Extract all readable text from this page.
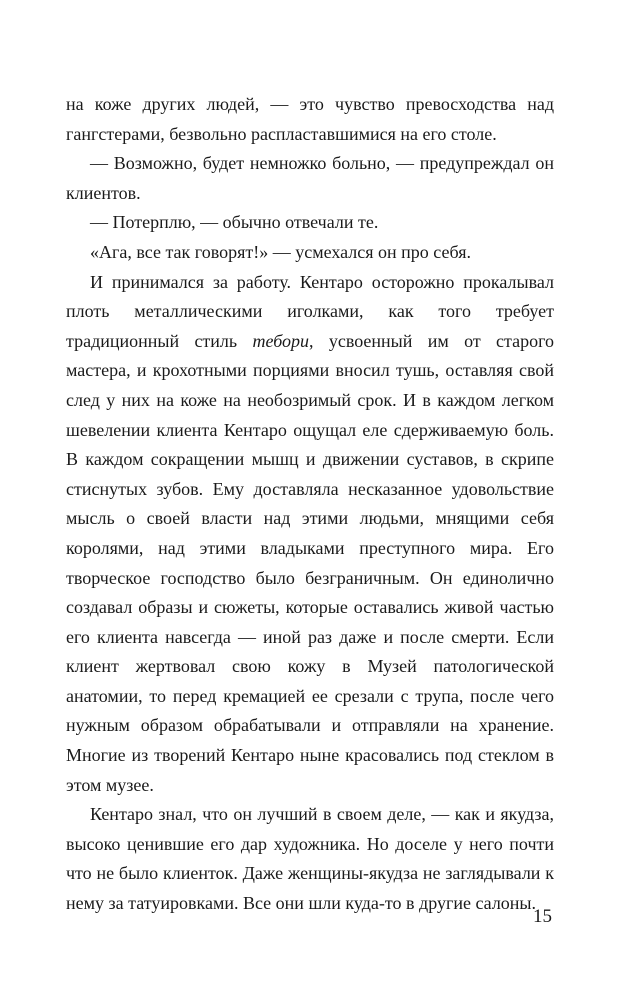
на коже других людей, — это чувство превосходства над гангстерами, безвольно распластавшимися на его столе.

— Возможно, будет немножко больно, — предупреждал он клиентов.

— Потерплю, — обычно отвечали те.

«Ага, все так говорят!» — усмехался он про себя.

И принимался за работу. Кентаро осторожно прокалывал плоть металлическими иголками, как того требует традиционный стиль тебори, усвоенный им от старого мастера, и крохотными порциями вносил тушь, оставляя свой след у них на коже на необозримый срок. И в каждом легком шевелении клиента Кентаро ощущал еле сдерживаемую боль. В каждом сокращении мышц и движении суставов, в скрипе стиснутых зубов. Ему доставляла несказанное удовольствие мысль о своей власти над этими людьми, мнящими себя королями, над этими владыками преступного мира. Его творческое господство было безграничным. Он единолично создавал образы и сюжеты, которые оставались живой частью его клиента навсегда — иной раз даже и после смерти. Если клиент жертвовал свою кожу в Музей патологической анатомии, то перед кремацией ее срезали с трупа, после чего нужным образом обрабатывали и отправляли на хранение. Многие из творений Кентаро ныне красовались под стеклом в этом музее.

Кентаро знал, что он лучший в своем деле, — как и якудза, высоко ценившие его дар художника. Но доселе у него почти что не было клиенток. Даже женщины-якудза не заглядывали к нему за татуировками. Все они шли куда-то в другие салоны.

15
